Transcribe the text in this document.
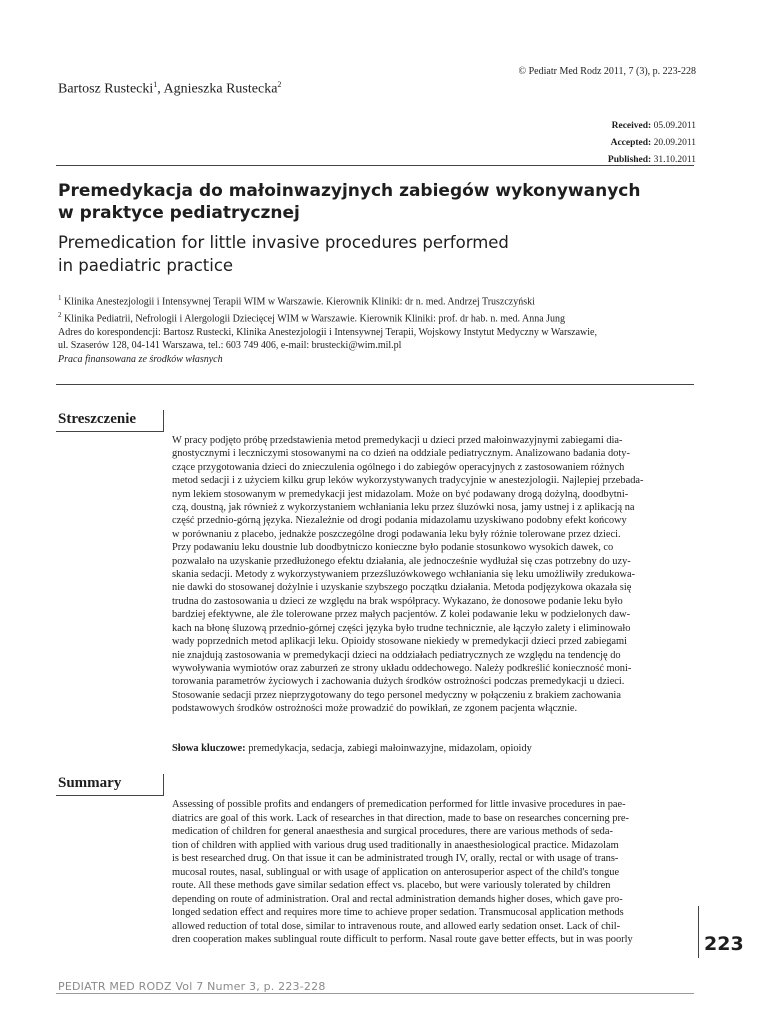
© Pediatr Med Rodz 2011, 7 (3), p. 223-228
Bartosz Rustecki$^1$, Agnieszka Rustecka$^2$
Received: 05.09.2011
Accepted: 20.09.2011
Published: 31.10.2011
Premedykacja do małoinwazyjnych zabiegów wykonywanych
w praktyce pediatrycznej
Premedication for little invasive procedures performed
in paediatric practice
$^1$ Klinika Anestezjologii i Intensywnej Terapii WIM w Warszawie. Kierownik Kliniki: dr n. med. Andrzej Truszczyński
$^2$ Klinika Pediatrii, Nefrologii i Alergologii Dziecięcej WIM w Warszawie. Kierownik Kliniki: prof. dr hab. n. med. Anna Jung
Adres do korespondencji: Bartosz Rustecki, Klinika Anestezjologii i Intensywnej Terapii, Wojskowy Instytut Medyczny w Warszawie,
ul. Szaserów 128, 04-141 Warszawa, tel.: 603 749 406, e-mail: brustecki@wim.mil.pl
Praca finansowana ze środków własnych
Streszczenie
W pracy podjęto próbę przedstawienia metod premedykacji u dzieci przed małoinwazyjnymi zabiegami dia-
gnostycznymi i leczniczymi stosowanymi na co dzień na oddziale pediatrycznym. Analizowano badania doty-
czące przygotowania dzieci do znieczulenia ogólnego i do zabiegów operacyjnych z zastosowaniem różnych
metod sedacji i z użyciem kilku grup leków wykorzystywanych tradycyjnie w anestezjologii. Najlepiej przebada-
nym lekiem stosowanym w premedykacji jest midazolam. Może on być podawany drogą dożylną, doodbytni-
czą, doustną, jak również z wykorzystaniem wchłaniania leku przez śluzówki nosa, jamy ustnej i z aplikacją na
część przednio-górną języka. Niezależnie od drogi podania midazolamu uzyskiwano podobny efekt końcowy
w porównaniu z placebo, jednakże poszczególne drogi podawania leku były różnie tolerowane przez dzieci.
Przy podawaniu leku doustnie lub doodbytniczo konieczne było podanie stosunkowo wysokich dawek, co
pozwalało na uzyskanie przedłużonego efektu działania, ale jednocześnie wydłużał się czas potrzebny do uzy-
skania sedacji. Metody z wykorzystywaniem przezśluzówkowego wchłaniania się leku umożliwiły zredukowa-
nie dawki do stosowanej dożylnie i uzyskanie szybszego początku działania. Metoda podjęzykowa okazała się
trudna do zastosowania u dzieci ze względu na brak współpracy. Wykazano, że donosowe podanie leku było
bardziej efektywne, ale źle tolerowane przez małych pacjentów. Z kolei podawanie leku w podzielonych daw-
kach na błonę śluzową przednio-górnej części języka było trudne technicznie, ale łączyło zalety i eliminowało
wady poprzednich metod aplikacji leku. Opioidy stosowane niekiedy w premedykacji dzieci przed zabiegami
nie znajdują zastosowania w premedykacji dzieci na oddziałach pediatrycznych ze względu na tendencję do
wywoływania wymiotów oraz zaburzeń ze strony układu oddechowego. Należy podkreślić konieczność moni-
torowania parametrów życiowych i zachowania dużych środków ostrożności podczas premedykacji u dzieci.
Stosowanie sedacji przez nieprzygotowany do tego personel medyczny w połączeniu z brakiem zachowania
podstawowych środków ostrożności może prowadzić do powikłań, ze zgonem pacjenta włącznie.
Słowa kluczowe: premedykacja, sedacja, zabiegi małoinwazyjne, midazolam, opioidy
Summary
Assessing of possible profits and endangers of premedication performed for little invasive procedures in pae-
diatrics are goal of this work. Lack of researches in that direction, made to base on researches concerning pre-
medication of children for general anaesthesia and surgical procedures, there are various methods of seda-
tion of children with applied with various drug used traditionally in anaesthesiological practice. Midazolam
is best researched drug. On that issue it can be administrated trough IV, orally, rectal or with usage of trans-
mucosal routes, nasal, sublingual or with usage of application on anterosuperior aspect of the child's tongue
route. All these methods gave similar sedation effect vs. placebo, but were variously tolerated by children
depending on route of administration. Oral and rectal administration demands higher doses, which gave pro-
longed sedation effect and requires more time to achieve proper sedation. Transmucosal application methods
allowed reduction of total dose, similar to intravenous route, and allowed early sedation onset. Lack of chil-
dren cooperation makes sublingual route difficult to perform. Nasal route gave better effects, but in was poorly	223
PEDIATR MED RODZ Vol 7 Numer 3, p. 223-228
